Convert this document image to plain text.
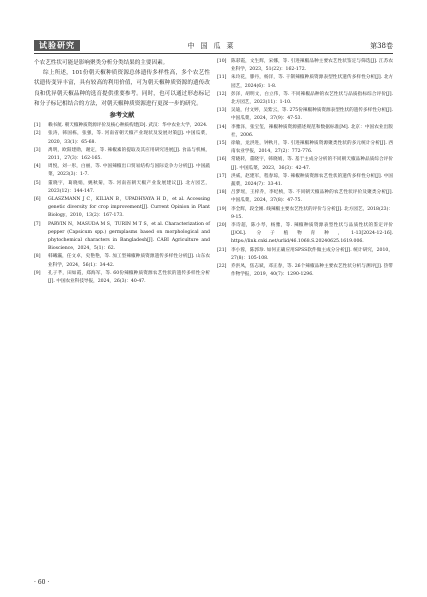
试验研究	中国瓜菜	第38卷

个农艺性状可能是影响聚类分析分类结果的主要因素。

综上所述，101份朝天椒种质资源总体遗传多样性高，多个农艺性状遗传变异丰富，具有较高的利用价值，可为朝天椒种质资源的遗传改良和优异朝天椒品种的选育提供重要参考。同时，也可以通过形态标记和分子标记相结合的方法，对朝天椒种质资源进行更深一步的研究。

参考文献
[1]	赖书航. 朝天椒种质资源评价及核心种质构建[D]. 武汉：华中农业大学，2024.
[2]	张涛，韩国栋，张强，等. 河南省朝天椒产业现状及发展对策[J]. 中国瓜菜，2020，33(1)：65-68.
[3]	禹明，欧阳建勋，谢定，等. 辣椒素的提取及其应用研究进展[J]. 食品与机械，2011，27(3)：162-165.
[4]	周悦，刘一彤，白丽，等. 中国辣椒出口贸易结构与国际竞争力分析[J]. 中国蔬菜，2023(3)：1-7.
[5]	董晓宇，葛晓娟，姚秋菊，等. 河南省朝天椒产业发展建议[J]. 北方园艺，2023(12)：144-147.
[6]	GLASZMANN J C，KILIAN B，UPADHYAYA H D，et al. Accessing genetic diversity for crop improvement[J]. Current Opinion in Plant Biology，2010，13(2)：167-173.
[7]	PARVIN N，MASUDA M S，TURIN M T S，et al. Characterization of pepper (Capsicum spp.) germplasms based on morphological and phytochemical characters in Bangladesh[J]. CABI Agriculture and Bioscience，2024，5(1)：62.
[8]	韩曦瀛，任文卓，史艳艳，等. 加工型辣椒种质资源遗传多样性分析[J]. 山东农业科学，2024，56(1)：34-42.
[9]	孔子芊，田如霞，郑海军，等. 60份辣椒种质资源农艺性状的遗传多样性分析[J]. 中国农业科技导报，2024，26(3)：40-47.
[10] 陈彩霞，文生辉，宋娜，等. 引进辣椒品种主要农艺性状鉴定与筛选[J]. 江苏农业科学，2023，51(22)：162-172.
[11] 朱玲花，滕丹，杨洋，等. 干制辣椒种质资源表型性状遗传多样性分析[J]. 北方园艺，2024(6)：1-8.
[12] 彭泽，胡明文，白立伟，等. 不同辣椒品种的农艺性状与品质指标综合评价[J]. 北方园艺，2023(11)：1-10.
[13] 吴迪，付文婷，吴紫云，等. 275份辣椒种质资源表型性状的遗传多样性分析[J]. 中国瓜菜，2024，37(9)：47-53.
[14] 李雅泽，张宝玺，辣椒种质资源描述规范和数据标准[M]. 北京：中国农业出版社，2006.
[15] 徐敏，龙洪进，钟秋月，等. 引进辣椒种质资源聚类性状的多元统计分析[J]. 西南农业学报，2014，27(2)：772-776.
[16] 常晓转，董晓宇，韩晓娟，等. 基于主成分分析的不同朝天椒品种品质综合评价[J]. 中国瓜菜，2023，36(3)：42-47.
[17] 洪威，赵建军，程春琼，等. 辣椒种质资源农艺性状的遗传多样性分析[J]. 中国蔬菜，2024(7)：33-41.
[18] 吕梦瑶，王梓乔，李纪桢，等. 不同朝天椒品种的农艺性状评价及聚类分析[J]. 中国瓜菜，2024，37(8)：47-75.
[19] 李全辉，段全刚. 线辣椒主要农艺性状的评价与分析[J]. 北方园艺，2018(23)：9-15.
[20] 李诗超，陈小琴，杨雅，等. 辣椒种质资源表型性状与品质性状的鉴定评价[J/OL]. 分子植物育种，1-13[2024-12-16]. https://link.cnki.net/urlid/46.1068.S.20240625.1619.006.
[21] 李小蓉，陈郭珍. 如何正确应用SPSS软件做主成分分析[J]. 统计研究，2010，27(8)：105-108.
[22] 乔洪凤，焦志斌，邓正春，等. 26个辣椒品种主要农艺性状分析与测评[J]. 热带作物学报，2019，40(7)：1290-1296.
· 60 ·
